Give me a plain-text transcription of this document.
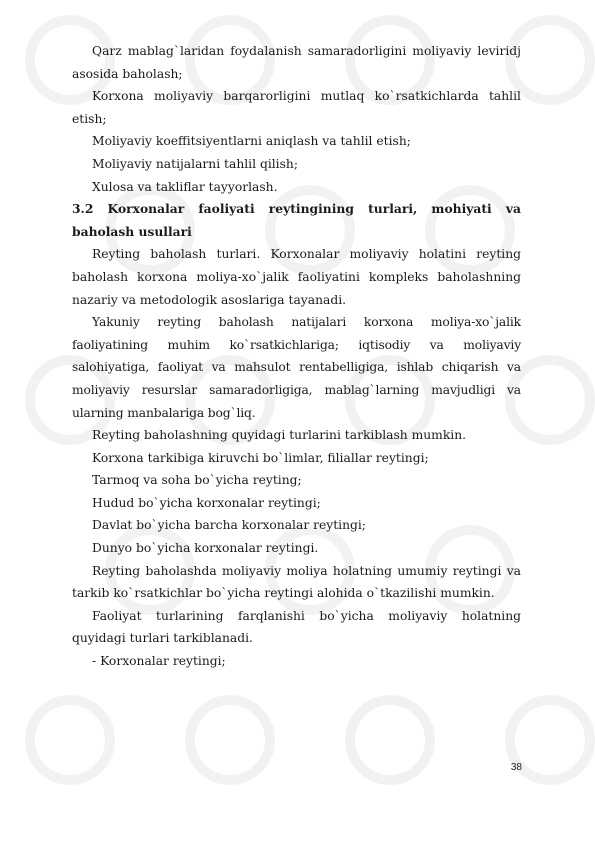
Qarz mablag`laridan foydalanish samaradorligini moliyaviy leviridj asosida baholash;

Korxona moliyaviy barqarorligini mutlaq ko`rsatkichlarda tahlil etish;

Moliyaviy koeffitsiyentlarni aniqlash va tahlil etish;

Moliyaviy natijalarni tahlil qilish;

Xulosa va takliflar tayyorlash.

3.2 Korxonalar faoliyati reytingining turlari, mohiyati va baholash usullari

Reyting baholash turlari. Korxonalar moliyaviy holatini reyting baholash korxona moliya-xo`jalik faoliyatini kompleks baholashning nazariy va metodologik asoslariga tayanadi.

Yakuniy reyting baholash natijalari korxona moliya-xo`jalik faoliyatining muhim ko`rsatkichlariga; iqtisodiy va moliyaviy salohiyatiga, faoliyat va mahsulot rentabelligiga, ishlab chiqarish va moliyaviy resurslar samaradorligiga, mablag`larning mavjudligi va ularning manbalariga bog`liq.

Reyting baholashning quyidagi turlarini tarkiblash mumkin.

Korxona tarkibiga kiruvchi bo`limlar, filiallar reytingi;

Tarmoq va soha bo`yicha reyting;

Hudud bo`yicha korxonalar reytingi;

Davlat bo`yicha barcha korxonalar reytingi;

Dunyo bo`yicha korxonalar reytingi.

Reyting baholashda moliyaviy moliya holatning umumiy reytingi va tarkib ko`rsatkichlar bo`yicha reytingi alohida o`tkazilishi mumkin.

Faoliyat turlarining farqlanishi bo`yicha moliyaviy holatning quyidagi turlari tarkiblanadi.

- Korxonalar reytingi;

38
